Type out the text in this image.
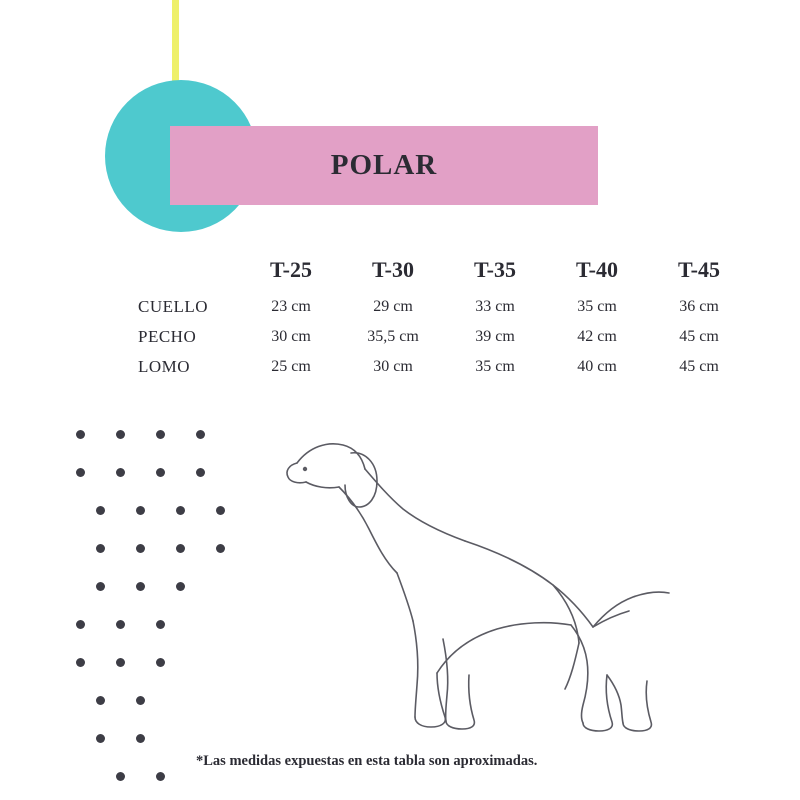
POLAR
	T-25	T-30	T-35	T-40	T-45
CUELLO	23 cm	29 cm	33 cm	35 cm	36 cm
PECHO	30 cm	35,5 cm	39 cm	42 cm	45 cm
LOMO	25 cm	30 cm	35 cm	40 cm	45 cm
*Las medidas expuestas en esta tabla son aproximadas.
